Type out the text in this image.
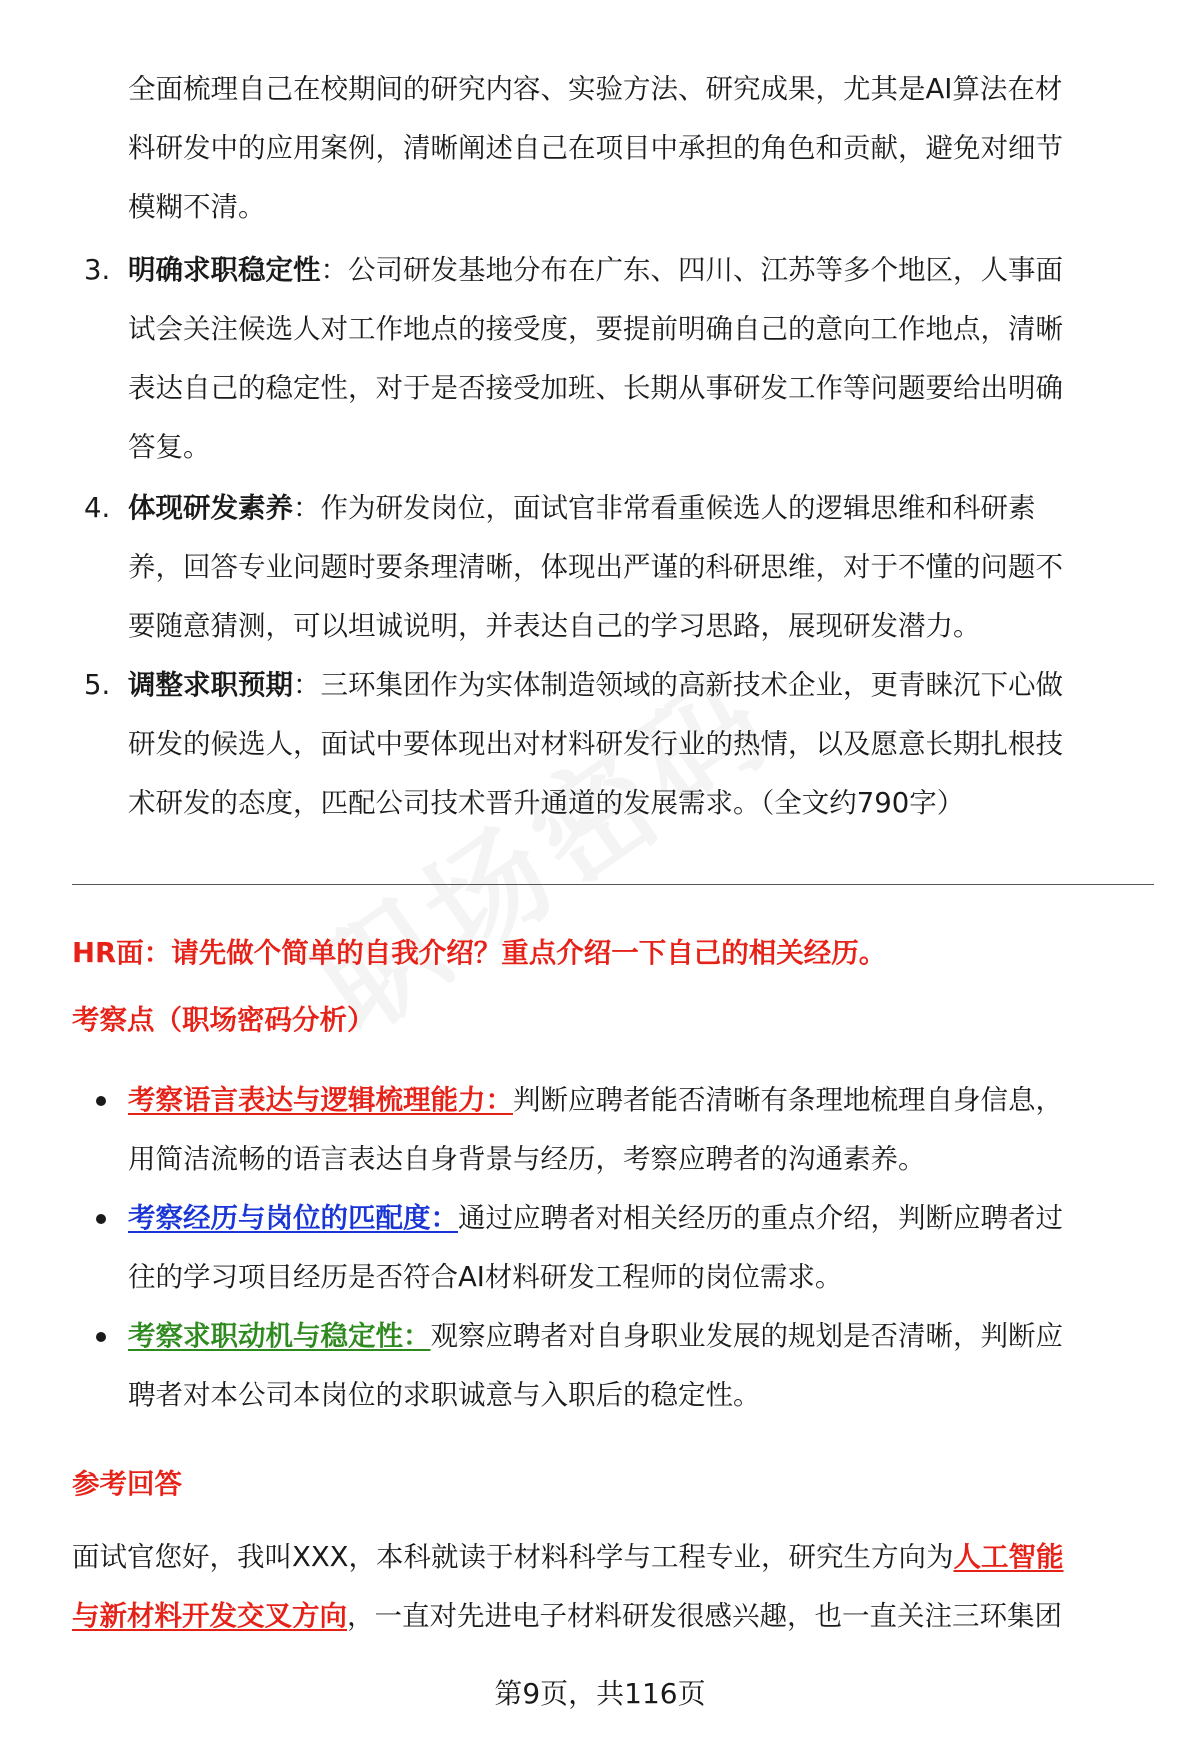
全面梳理自己在校期间的研究内容、实验方法、研究成果，尤其是AI算法在材
料研发中的应用案例，清晰阐述自己在项目中承担的角色和贡献，避免对细节
模糊不清。
3. 明确求职稳定性：公司研发基地分布在广东、四川、江苏等多个地区，人事面
试会关注候选人对工作地点的接受度，要提前明确自己的意向工作地点，清晰
表达自己的稳定性，对于是否接受加班、长期从事研发工作等问题要给出明确
答复。
4. 体现研发素养：作为研发岗位，面试官非常看重候选人的逻辑思维和科研素
养，回答专业问题时要条理清晰，体现出严谨的科研思维，对于不懂的问题不
要随意猜测，可以坦诚说明，并表达自己的学习思路，展现研发潜力。
5. 调整求职预期：三环集团作为实体制造领域的高新技术企业，更青睐沉下心做
研发的候选人，面试中要体现出对材料研发行业的热情，以及愿意长期扎根技
术研发的态度，匹配公司技术晋升通道的发展需求。（全文约790字）
HR面：请先做个简单的自我介绍？重点介绍一下自己的相关经历。
考察点（职场密码分析）
考察语言表达与逻辑梳理能力：判断应聘者能否清晰有条理地梳理自身信息，
用简洁流畅的语言表达自身背景与经历，考察应聘者的沟通素养。
考察经历与岗位的匹配度：通过应聘者对相关经历的重点介绍，判断应聘者过
往的学习项目经历是否符合AI材料研发工程师的岗位需求。
考察求职动机与稳定性：观察应聘者对自身职业发展的规划是否清晰，判断应
聘者对本公司本岗位的求职诚意与入职后的稳定性。
参考回答
面试官您好，我叫XXX，本科就读于材料科学与工程专业，研究生方向为人工智能
与新材料开发交叉方向，一直对先进电子材料研发很感兴趣，也一直关注三环集团
第9页，共116页
